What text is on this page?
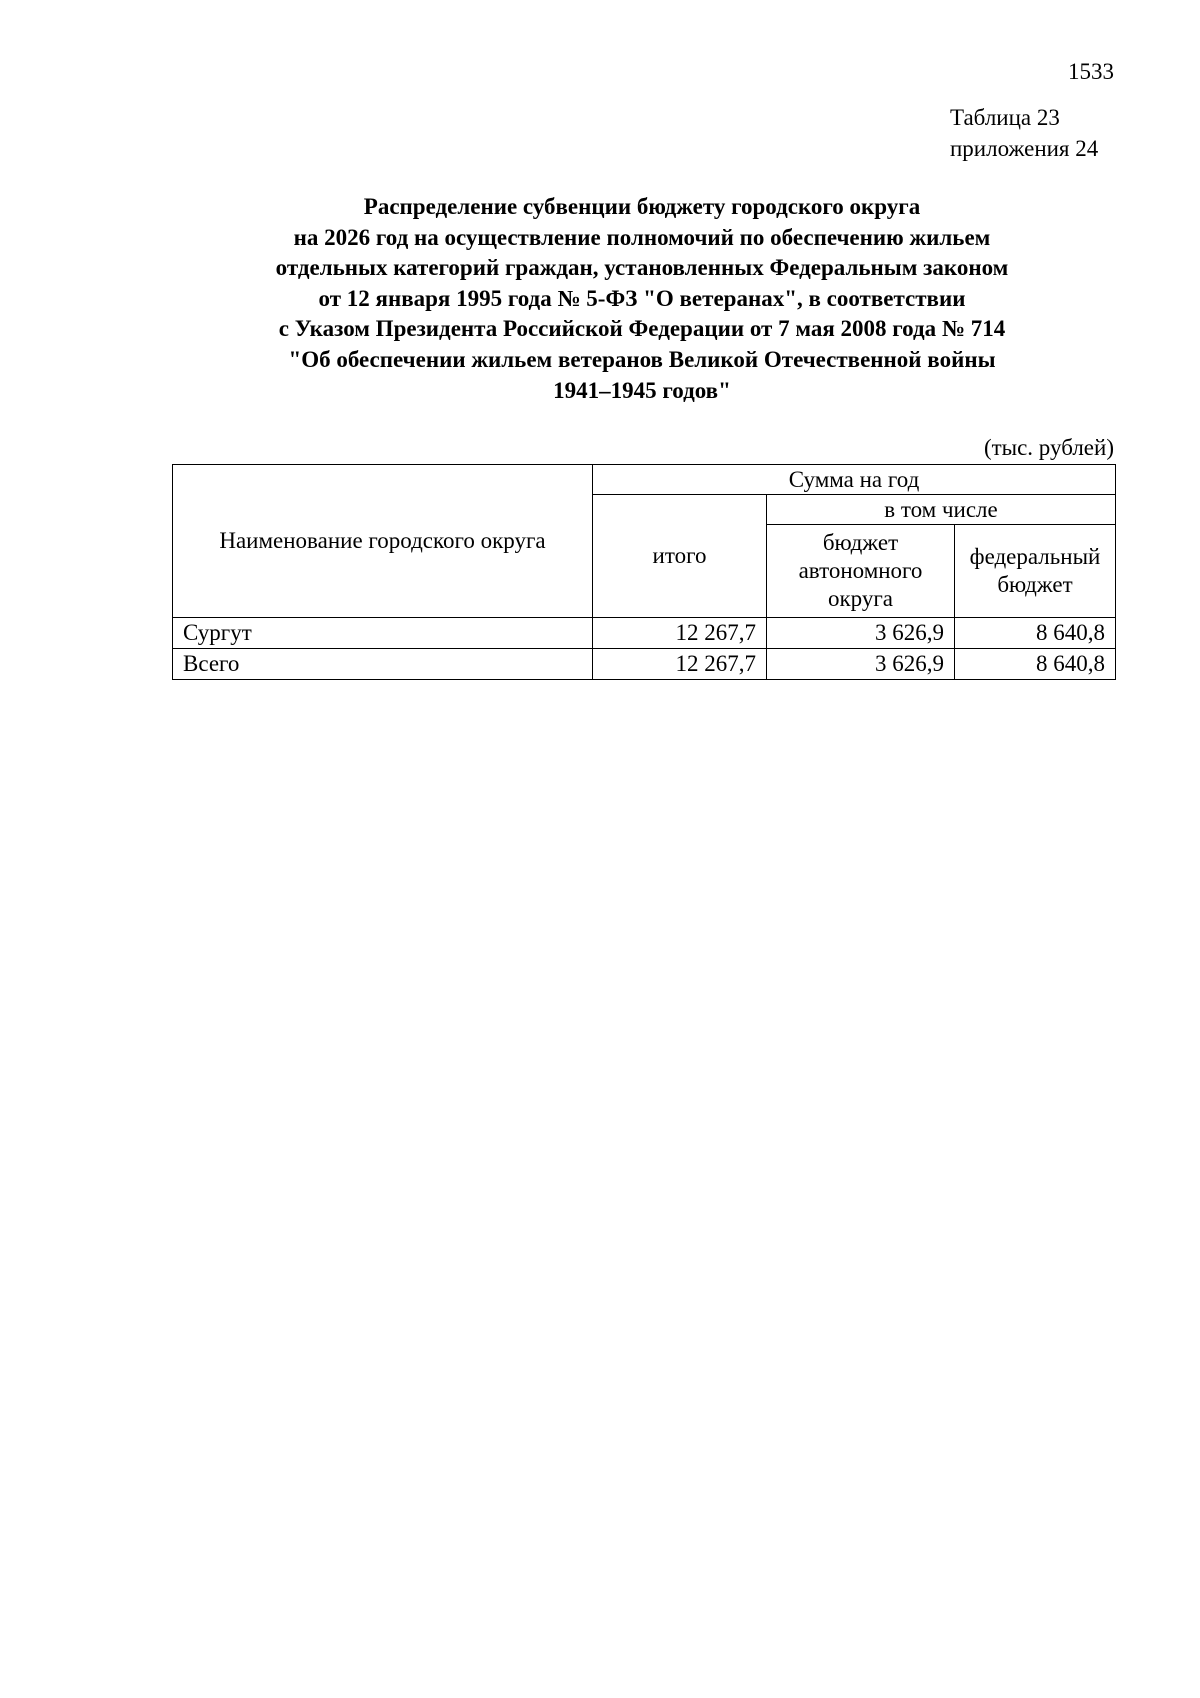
1533
Таблица 23
приложения 24
Распределение субвенции бюджету городского округа
на 2026 год на осуществление полномочий по обеспечению жильем
отдельных категорий граждан, установленных Федеральным законом
от 12 января 1995 года № 5-ФЗ "О ветеранах", в соответствии
с Указом Президента Российской Федерации от 7 мая 2008 года № 714
"Об обеспечении жильем ветеранов Великой Отечественной войны
1941–1945 годов"
(тыс. рублей)
Наименование городского округа	Сумма на год		
	итого	в том числе	
		бюджет автономного округа	федеральный бюджет
Сургут	12 267,7	3 626,9	8 640,8
Всего	12 267,7	3 626,9	8 640,8
